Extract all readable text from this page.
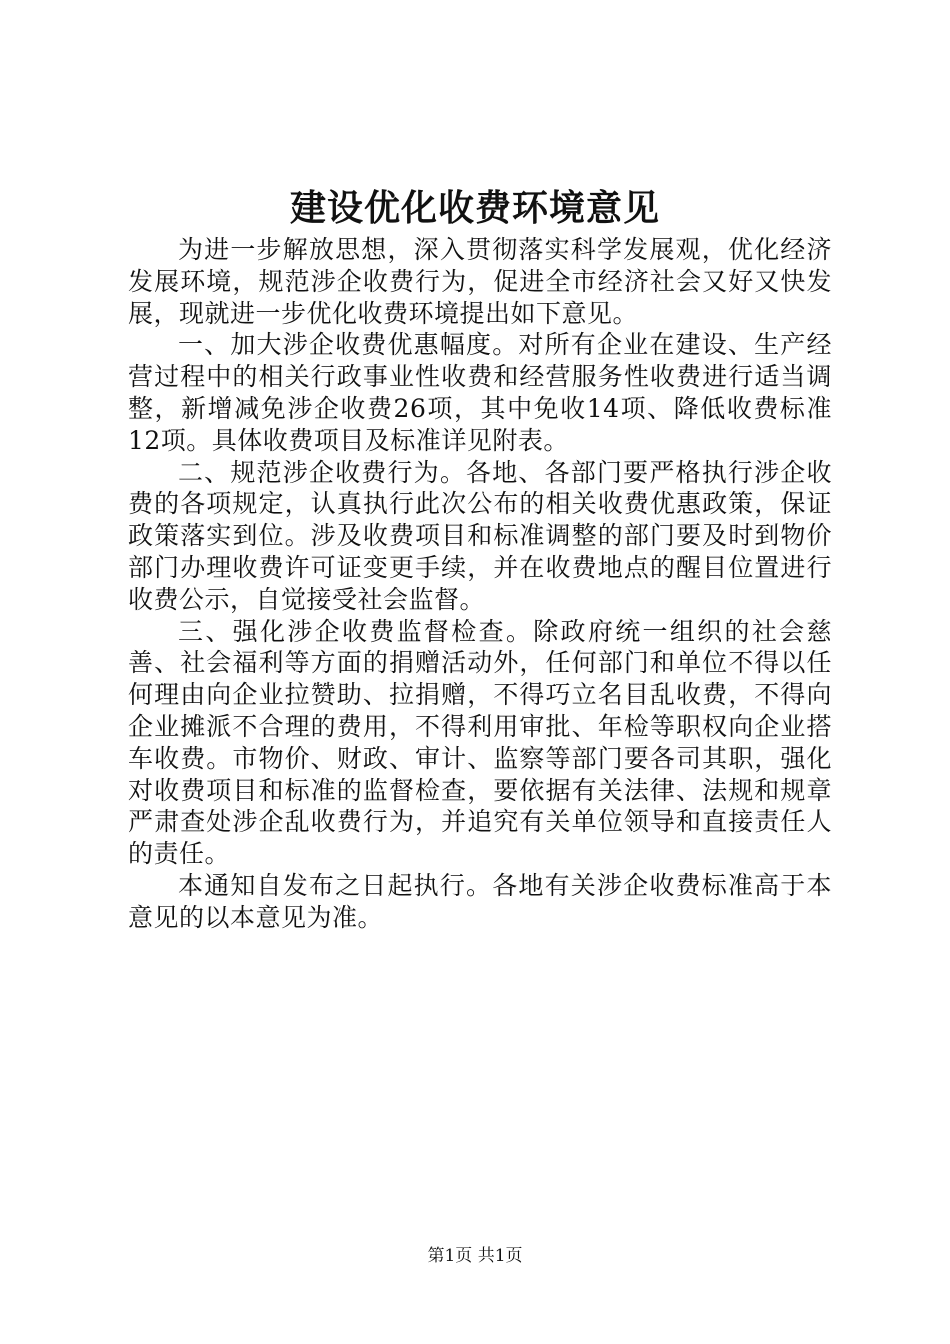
建设优化收费环境意见

为进一步解放思想，深入贯彻落实科学发展观，优化经济发展环境，规范涉企收费行为，促进全市经济社会又好又快发展，现就进一步优化收费环境提出如下意见。

一、加大涉企收费优惠幅度。对所有企业在建设、生产经营过程中的相关行政事业性收费和经营服务性收费进行适当调整，新增减免涉企收费26项，其中免收14项、降低收费标准12项。具体收费项目及标准详见附表。

二、规范涉企收费行为。各地、各部门要严格执行涉企收费的各项规定，认真执行此次公布的相关收费优惠政策，保证政策落实到位。涉及收费项目和标准调整的部门要及时到物价部门办理收费许可证变更手续，并在收费地点的醒目位置进行收费公示，自觉接受社会监督。

三、强化涉企收费监督检查。除政府统一组织的社会慈善、社会福利等方面的捐赠活动外，任何部门和单位不得以任何理由向企业拉赞助、拉捐赠，不得巧立名目乱收费，不得向企业摊派不合理的费用，不得利用审批、年检等职权向企业搭车收费。市物价、财政、审计、监察等部门要各司其职，强化对收费项目和标准的监督检查，要依据有关法律、法规和规章严肃查处涉企乱收费行为，并追究有关单位领导和直接责任人的责任。

本通知自发布之日起执行。各地有关涉企收费标准高于本意见的以本意见为准。

第1页 共1页
